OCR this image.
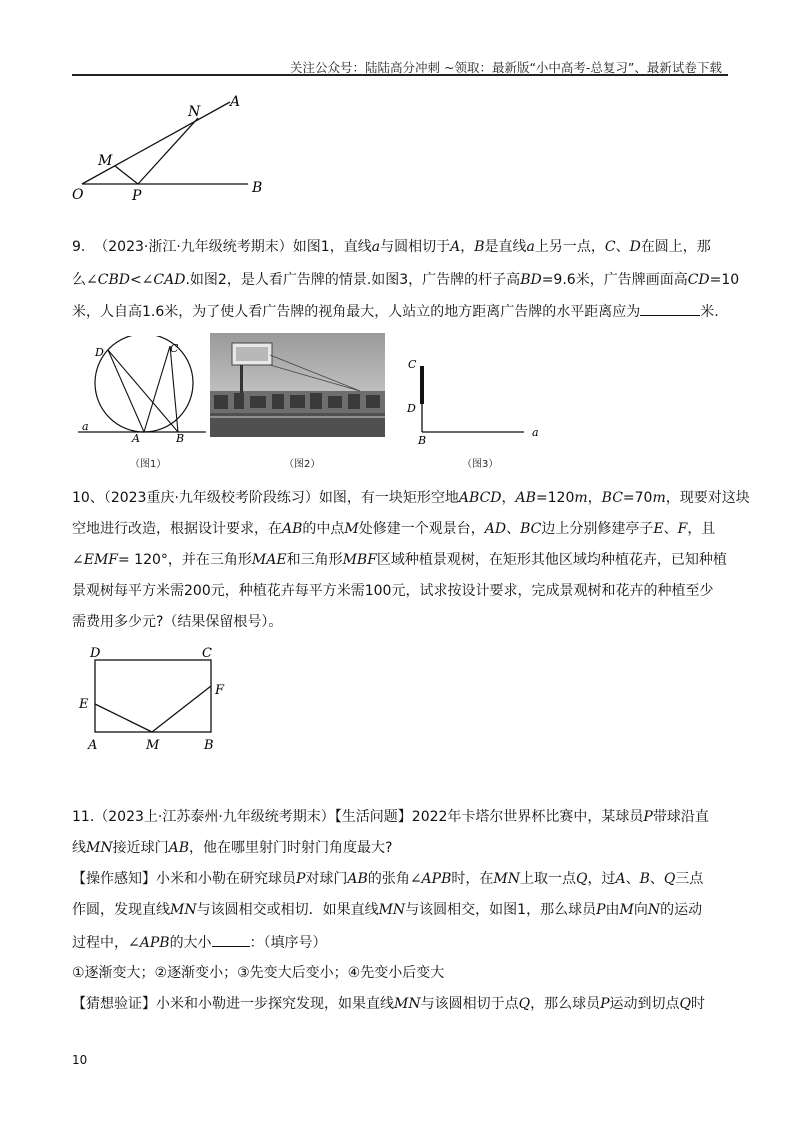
关注公众号：陆陆高分冲刺 ~领取：最新版“小中高考-总复习”、最新试卷下载
O
M
N
P
A
B
9. （2023·浙江·九年级统考期末）如图1，直线a与圆相切于A，B是直线a上另一点，C、D在圆上，那
么∠CBD<∠CAD.如图2，是人看广告牌的情景.如图3，广告牌的杆子高BD=9.6米，广告牌画面高CD=10
米，人自高1.6米，为了使人看广告牌的视角最大，人站立的地方距离广告牌的水平距离应为	米.
D	C
a
A	B
（图1）	（图2）
C
D
B
a
（图3）
10、（2023重庆·九年级校考阶段练习）如图，有一块矩形空地ABCD，AB=120m，BC=70m，现要对这块
空地进行改造，根据设计要求，在AB的中点M处修建一个观景台，AD、BC边上分别修建亭子E、F，且
∠EMF= 120°，并在三角形MAE和三角形MBF区域种植景观树，在矩形其他区域均种植花卉，已知种植
景观树每平方米需200元，种植花卉每平方米需100元，试求按设计要求，完成景观树和花卉的种植至少
需费用多少元?（结果保留根号）。
D	C
E
F
A	M	B
11.（2023上·江苏泰州·九年级统考期末）【生活问题】2022年卡塔尔世界杯比赛中，某球员P带球沿直
线MN接近球门AB，他在哪里射门时射门角度最大?
【操作感知】小米和小勒在研究球员P对球门AB的张角∠APB时，在MN上取一点Q，过A、B、Q三点
作圆，发现直线MN与该圆相交或相切．如果直线MN与该圆相交，如图1，那么球员P由M向N的运动
过程中，∠APB的大小	：（填序号）
①逐渐变大；②逐渐变小；③先变大后变小；④先变小后变大
【猜想验证】小米和小勒进一步探究发现，如果直线MN与该圆相切于点Q，那么球员P运动到切点Q时
10
